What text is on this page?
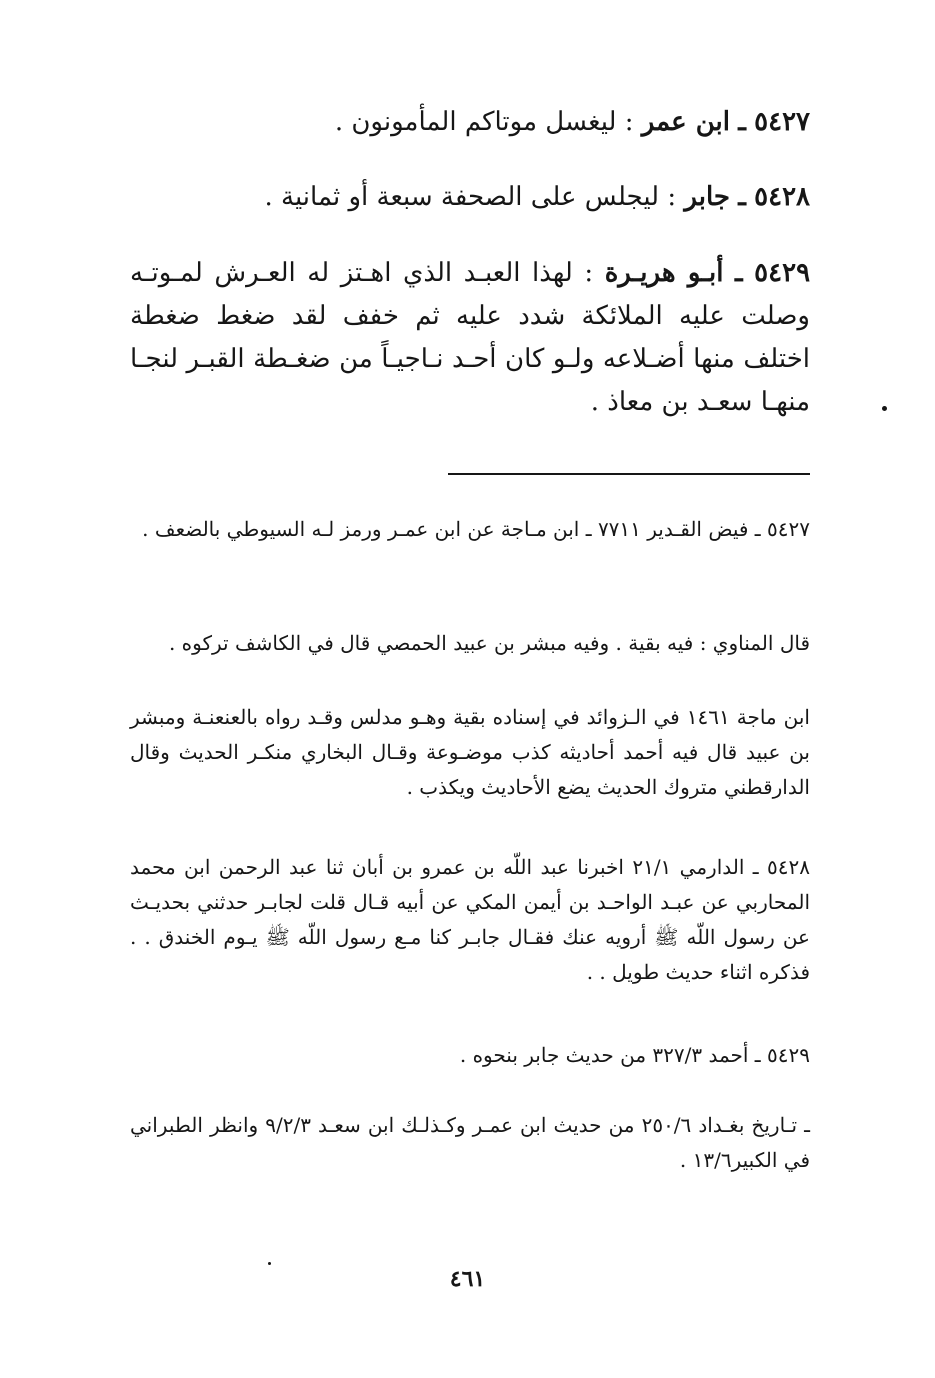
٥٤٢٧ ـ ابن عمر : ليغسل موتاكم المأمونون .

٥٤٢٨ ـ جابر : ليجلس على الصحفة سبعة أو ثمانية .

٥٤٢٩ ـ أبـو هريـرة : لهذا العبـد الذي اهـتز له العـرش لمـوتـه وصلت عليه الملائكة شدد عليه ثم خفف لقد ضغط ضغطة اختلف منها أضـلاعه ولـو كان أحـد نـاجيـاً من ضغـطة القبـر لنجـا منهـا سعـد بن معاذ .

٥٤٢٧ ـ فيض القـدير ٧٧١١ ـ ابن مـاجة عن ابن عمـر ورمز لـه السيوطي بالضعف .

قال المناوي : فيه بقية . وفيه مبشر بن عبيد الحمصي قال في الكاشف تركوه .

ابن ماجة ١٤٦١ في الـزوائد في إسناده بقية وهـو مدلس وقـد رواه بالعنعنـة ومبشر بن عبيد قال فيه أحمد أحاديثه كذب موضـوعة وقـال البخاري منكـر الحديث وقال الدارقطني متروك الحديث يضع الأحاديث ويكذب .

٥٤٢٨ ـ الدارمي ٢١/١ اخبرنا عبد اللّه بن عمرو بن أبان ثنا عبد الرحمن ابن محمد المحاربي عن عبـد الواحـد بن أيمن المكي عن أبيه قـال قلت لجابـر حدثني بحديـث عن رسول اللّه ﷺ أرويه عنك فقـال جابـر كنا مـع رسول اللّه ﷺ يـوم الخندق . . فذكره اثناء حديث طويل . .

٥٤٢٩ ـ أحمد ٣٢٧/٣ من حديث جابر بنحوه .

ـ تـاريخ بغـداد ٢٥٠/٦ من حديث ابن عمـر وكـذلـك ابن سعـد ٩/٢/٣ وانظر الطبراني في الكبير١٣/٦ .

٤٦١
